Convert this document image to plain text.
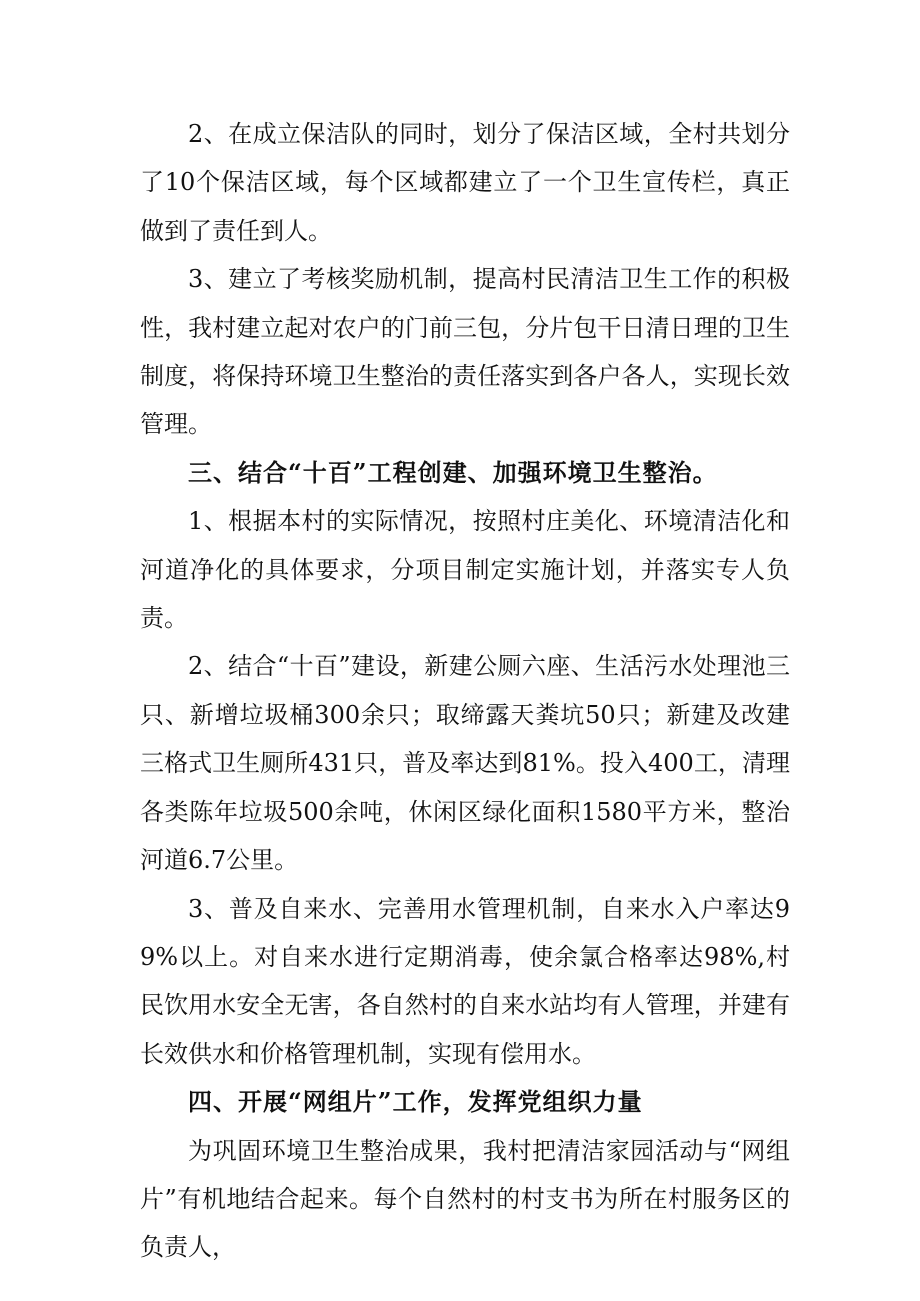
2、在成立保洁队的同时，划分了保洁区域，全村共划分了10个保洁区域，每个区域都建立了一个卫生宣传栏，真正做到了责任到人。

3、建立了考核奖励机制，提高村民清洁卫生工作的积极性，我村建立起对农户的门前三包，分片包干日清日理的卫生制度，将保持环境卫生整治的责任落实到各户各人，实现长效管理。

三、结合“十百”工程创建、加强环境卫生整治。

1、根据本村的实际情况，按照村庄美化、环境清洁化和河道净化的具体要求，分项目制定实施计划，并落实专人负责。

2、结合“十百”建设，新建公厕六座、生活污水处理池三只、新增垃圾桶300余只；取缔露天粪坑50只；新建及改建三格式卫生厕所431只，普及率达到81%。投入400工，清理各类陈年垃圾500余吨，休闲区绿化面积1580平方米，整治河道6.7公里。

3、普及自来水、完善用水管理机制，自来水入户率达99%以上。对自来水进行定期消毒，使余氯合格率达98%,村民饮用水安全无害，各自然村的自来水站均有人管理，并建有长效供水和价格管理机制，实现有偿用水。

四、开展“网组片”工作，发挥党组织力量

为巩固环境卫生整治成果，我村把清洁家园活动与“网组片”有机地结合起来。每个自然村的村支书为所在村服务区的负责人，
